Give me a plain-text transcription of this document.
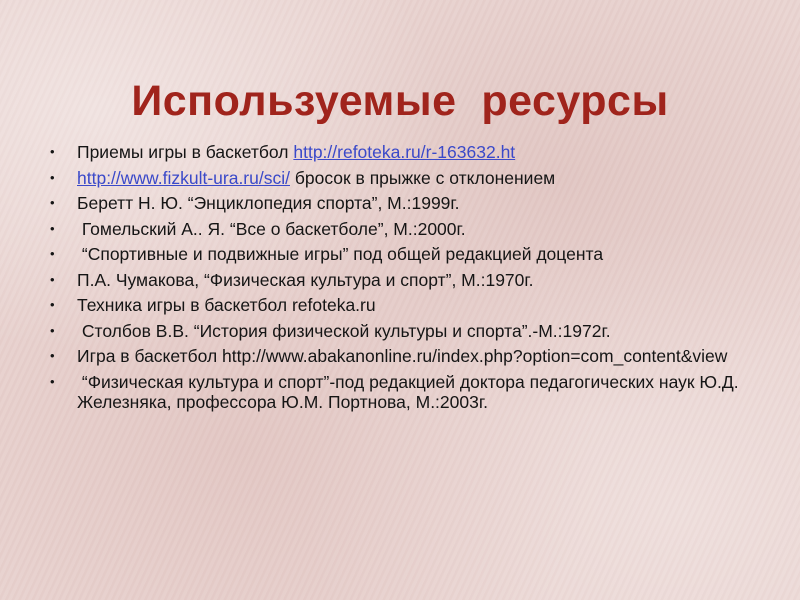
Используемые  ресурсы
• Приемы игры в баскетбол http://refoteka.ru/r-163632.ht
• http://www.fizkult-ura.ru/sci/ бросок в прыжке с отклонением
• Беретт Н. Ю. “Энциклопедия спорта”, М.:1999г.
• Гомельский А.. Я. “Все о баскетболе”, М.:2000г.
• “Спортивные и подвижные игры” под общей редакцией доцента
• П.А. Чумакова, “Физическая культура и спорт”, М.:1970г.
• Техника игры в баскетбол refoteka.ru
• Столбов В.В. “История физической культуры и спорта”.-М.:1972г.
• Игра в баскетбол http://www.abakanonline.ru/index.php?option=com_content&view
• “Физическая культура и спорт”-под редакцией доктора педагогических наук Ю.Д. Железняка, профессора Ю.М. Портнова, М.:2003г.
